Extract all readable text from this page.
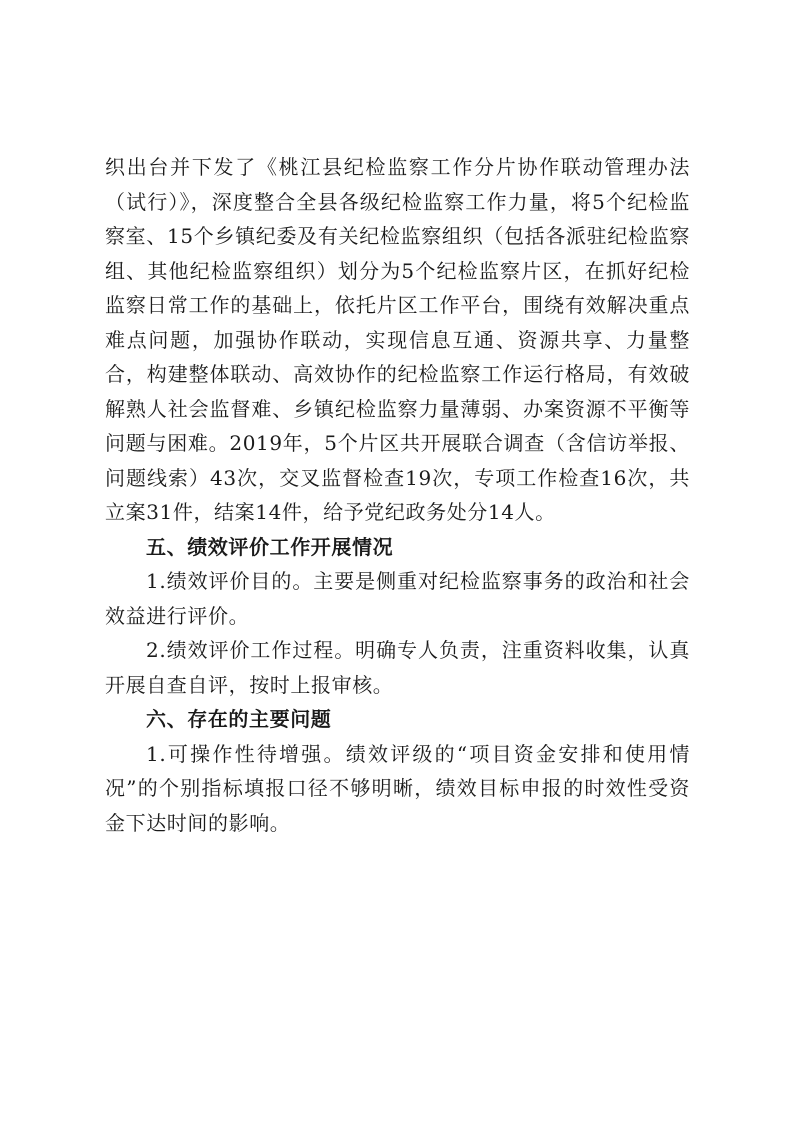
织出台并下发了《桃江县纪检监察工作分片协作联动管理办法（试行）》，深度整合全县各级纪检监察工作力量，将5个纪检监察室、15个乡镇纪委及有关纪检监察组织（包括各派驻纪检监察组、其他纪检监察组织）划分为5个纪检监察片区，在抓好纪检监察日常工作的基础上，依托片区工作平台，围绕有效解决重点难点问题，加强协作联动，实现信息互通、资源共享、力量整合，构建整体联动、高效协作的纪检监察工作运行格局，有效破解熟人社会监督难、乡镇纪检监察力量薄弱、办案资源不平衡等问题与困难。2019年，5个片区共开展联合调查（含信访举报、问题线索）43次，交叉监督检查19次，专项工作检查16次，共立案31件，结案14件，给予党纪政务处分14人。

五、绩效评价工作开展情况

1.绩效评价目的。主要是侧重对纪检监察事务的政治和社会效益进行评价。

2.绩效评价工作过程。明确专人负责，注重资料收集，认真开展自查自评，按时上报审核。

六、存在的主要问题

1.可操作性待增强。绩效评级的“项目资金安排和使用情况”的个别指标填报口径不够明晰，绩效目标申报的时效性受资金下达时间的影响。
